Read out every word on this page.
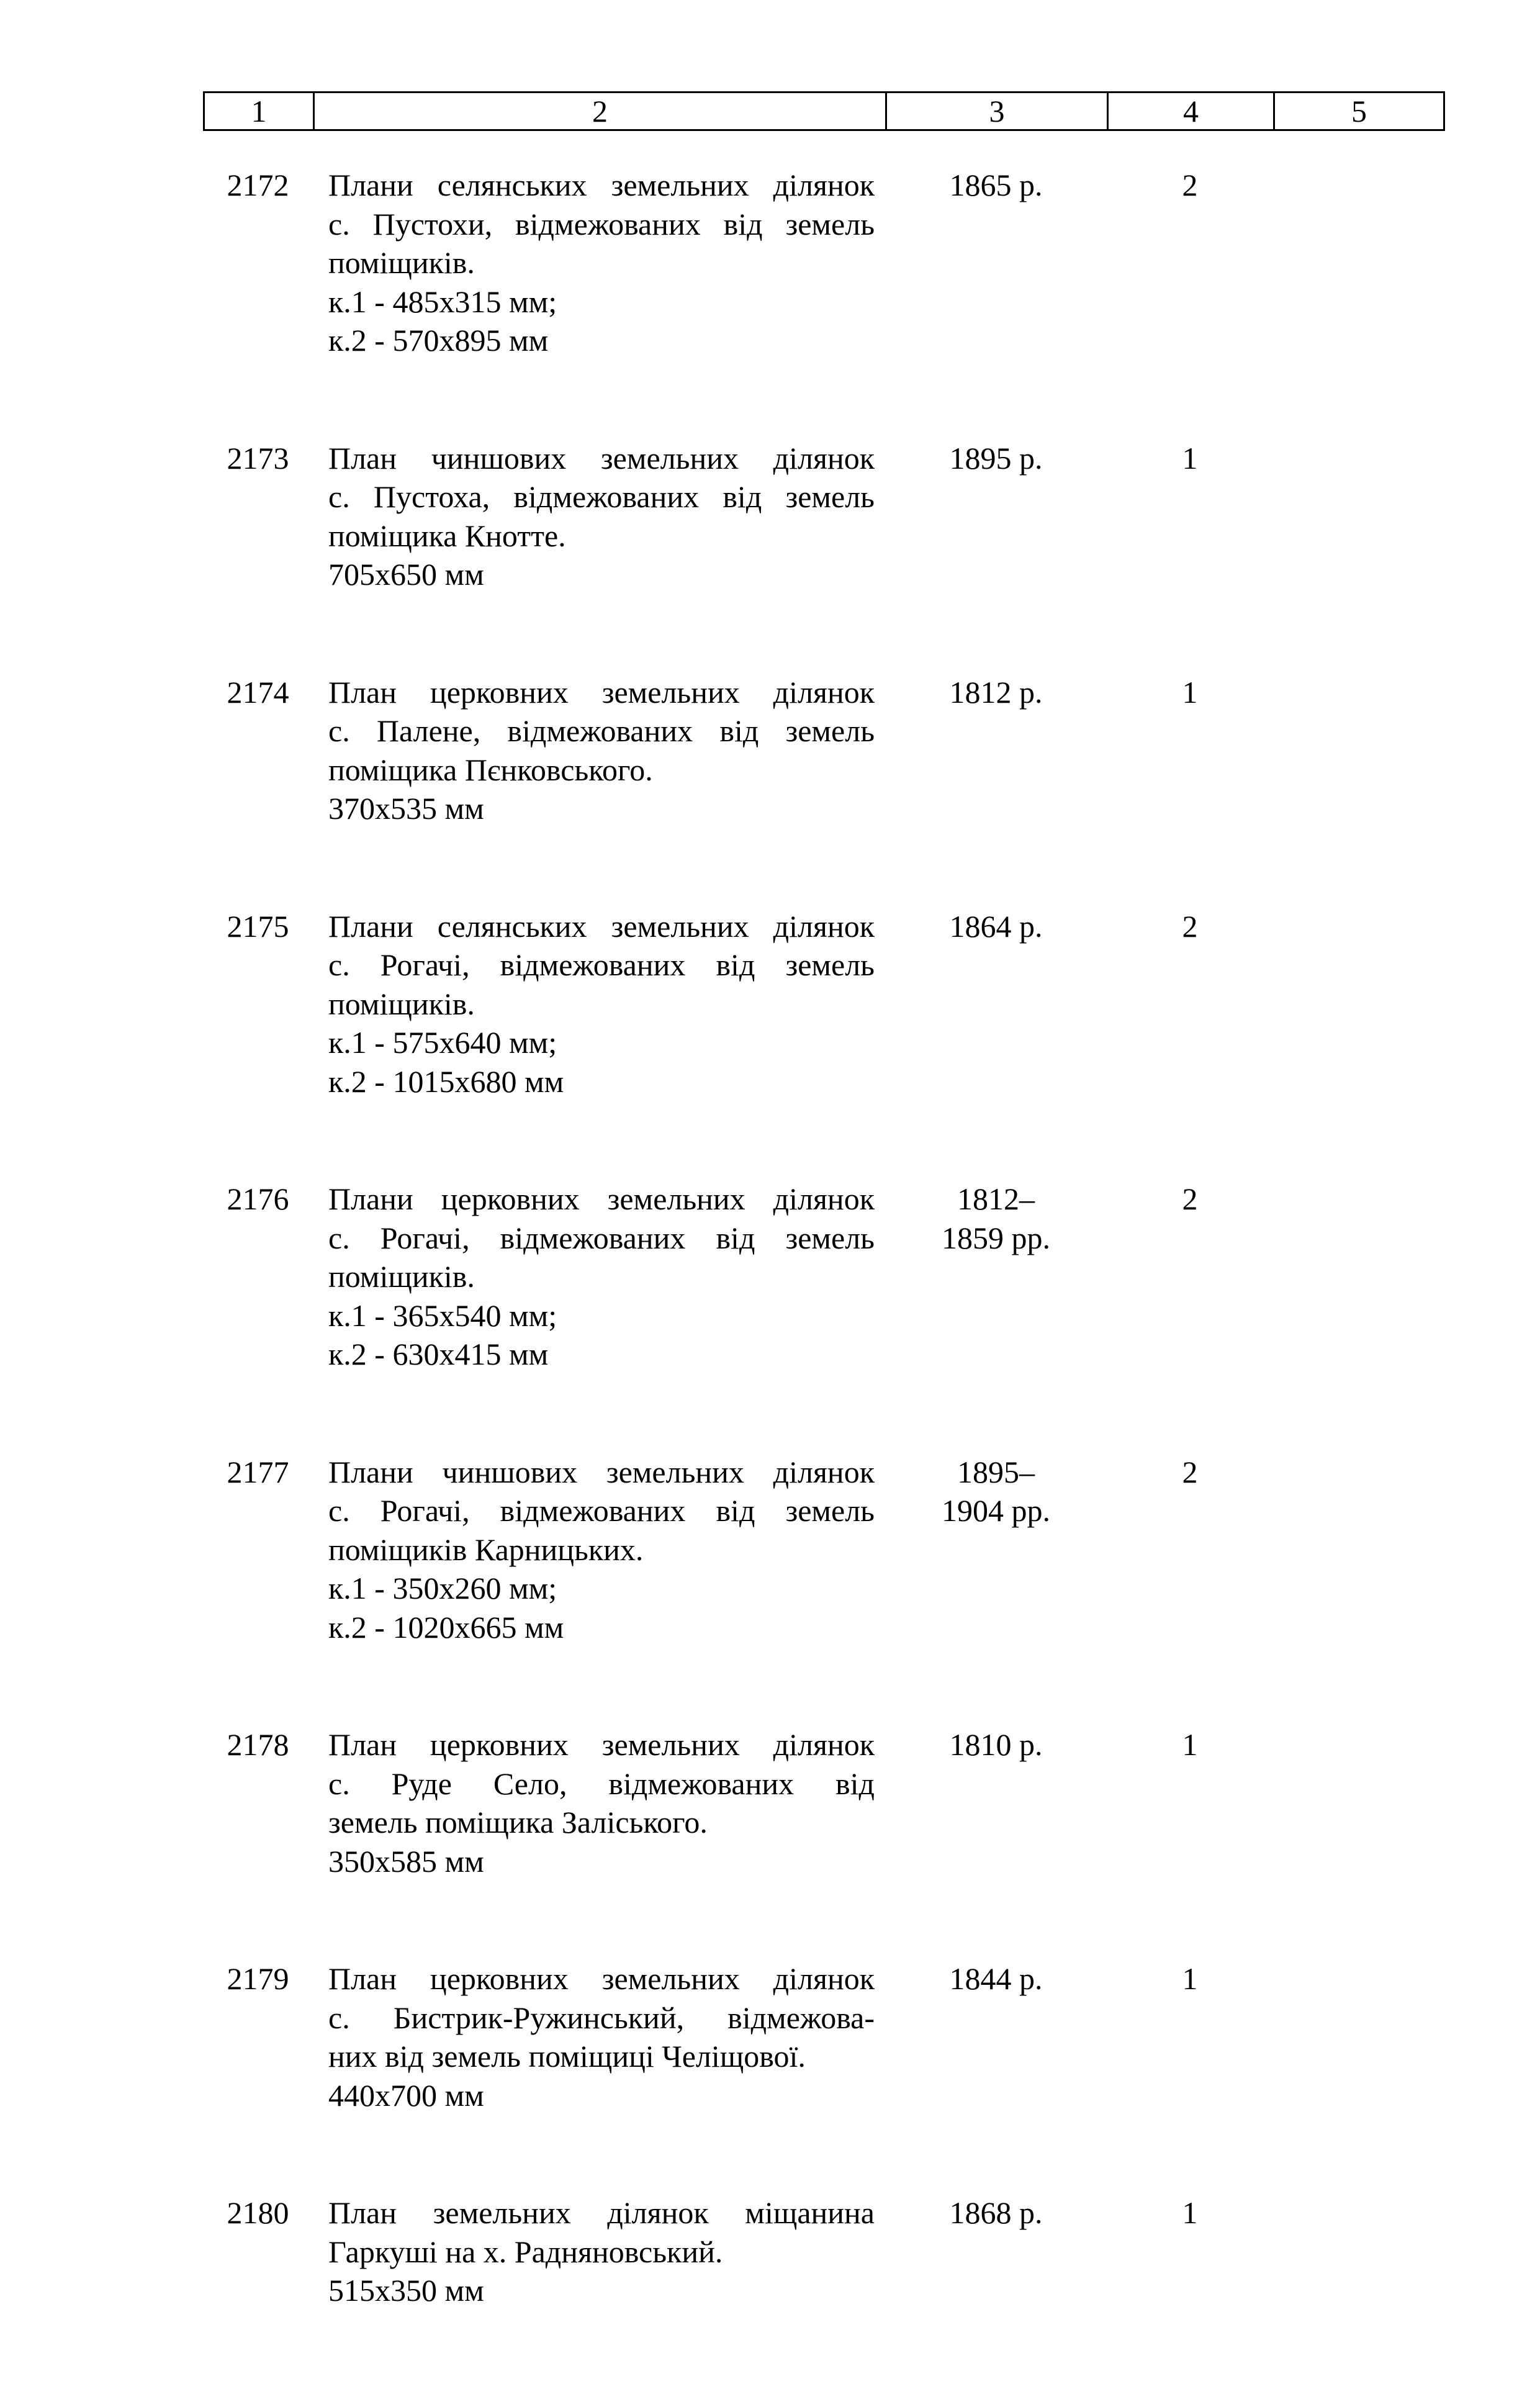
1	2	3	4	5
2172	Плани селянських земельних ділянок
с. Пустохи, відмежованих від земель
поміщиків.
к.1 - 485х315 мм;
к.2 - 570х895 мм
1865 р.	2
2173	План чиншових земельних ділянок
с. Пустоха, відмежованих від земель
поміщика Кнотте.
705х650 мм
1895 р.	1
2174	План церковних земельних ділянок
с. Палене, відмежованих від земель
поміщика Пєнковського.
370х535 мм
1812 р.	1
2175	Плани селянських земельних ділянок
с. Рогачі, відмежованих від земель
поміщиків.
к.1 - 575х640 мм;
к.2 - 1015х680 мм
1864 р.	2
2176	Плани церковних земельних ділянок
с. Рогачі, відмежованих від земель
поміщиків.
к.1 - 365х540 мм;
к.2 - 630х415 мм
1812–
1859 рр.
2
2177	Плани чиншових земельних ділянок
с. Рогачі, відмежованих від земель
поміщиків Карницьких.
к.1 - 350х260 мм;
к.2 - 1020х665 мм
1895–
1904 рр.
2
2178	План церковних земельних ділянок
с. Руде Село, відмежованих від
земель поміщика Заліського.
350х585 мм
1810 р.	1
2179	План церковних земельних ділянок
с. Бистрик-Ружинський, відмежова-
них від земель поміщиці Челіщової.
440х700 мм
1844 р.	1
2180	План земельних ділянок міщанина
Гаркуші на х. Радняновський.
515х350 мм
1868 р.	1
